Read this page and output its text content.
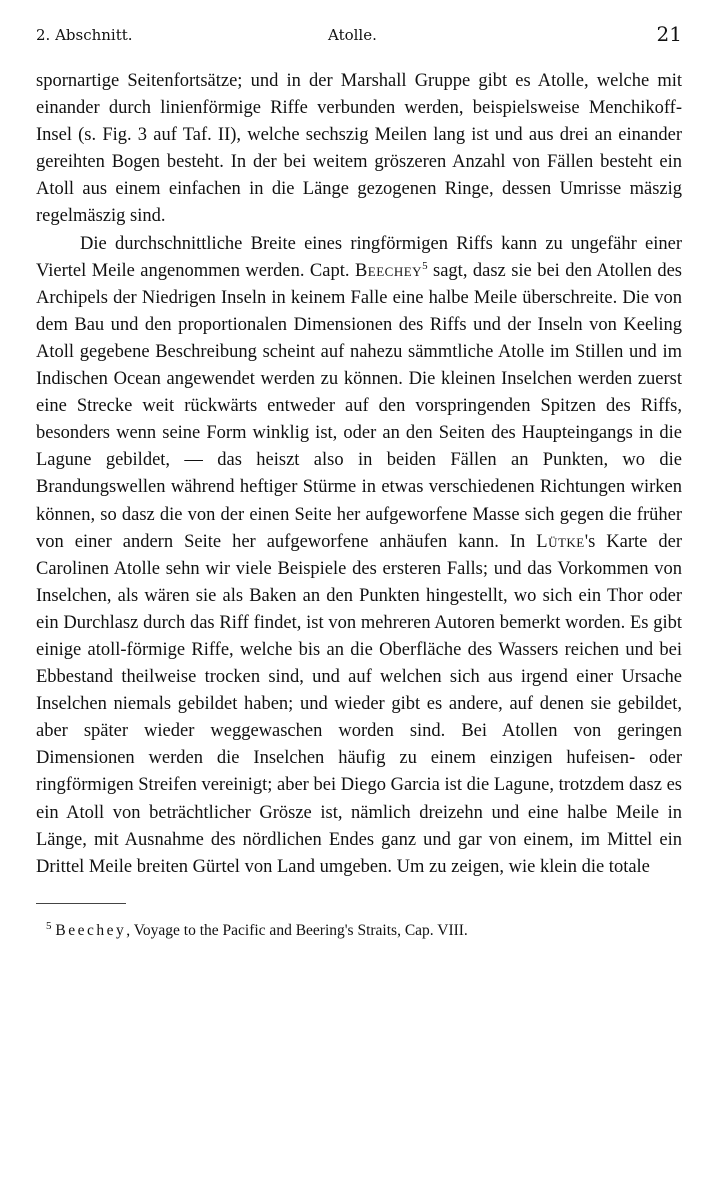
2. Abschnitt.	Atolle.	21

spornartige Seitenfortsätze; und in der Marshall Gruppe gibt es Atolle, welche mit einander durch linienförmige Riffe verbunden werden, beispielsweise Menchikoff-Insel (s. Fig. 3 auf Taf. II), welche sechszig Meilen lang ist und aus drei an einander gereihten Bogen besteht. In der bei weitem gröszeren Anzahl von Fällen besteht ein Atoll aus einem einfachen in die Länge gezogenen Ringe, dessen Umrisse mäszig regelmäszig sind.

Die durchschnittliche Breite eines ringförmigen Riffs kann zu ungefähr einer Viertel Meile angenommen werden. Capt. Beechey$^5$ sagt, dasz sie bei den Atollen des Archipels der Niedrigen Inseln in keinem Falle eine halbe Meile überschreite. Die von dem Bau und den proportionalen Dimensionen des Riffs und der Inseln von Keeling Atoll gegebene Beschreibung scheint auf nahezu sämmtliche Atolle im Stillen und im Indischen Ocean angewendet werden zu können. Die kleinen Inselchen werden zuerst eine Strecke weit rückwärts entweder auf den vorspringenden Spitzen des Riffs, besonders wenn seine Form winklig ist, oder an den Seiten des Haupteingangs in die Lagune gebildet, — das heiszt also in beiden Fällen an Punkten, wo die Brandungswellen während heftiger Stürme in etwas verschiedenen Richtungen wirken können, so dasz die von der einen Seite her aufgeworfene Masse sich gegen die früher von einer andern Seite her aufgeworfene anhäufen kann. In Lütke's Karte der Carolinen Atolle sehn wir viele Beispiele des ersteren Falls; und das Vorkommen von Inselchen, als wären sie als Baken an den Punkten hingestellt, wo sich ein Thor oder ein Durchlasz durch das Riff findet, ist von mehreren Autoren bemerkt worden. Es gibt einige atoll-förmige Riffe, welche bis an die Oberfläche des Wassers reichen und bei Ebbestand theilweise trocken sind, und auf welchen sich aus irgend einer Ursache Inselchen niemals gebildet haben; und wieder gibt es andere, auf denen sie gebildet, aber später wieder weggewaschen worden sind. Bei Atollen von geringen Dimensionen werden die Inselchen häufig zu einem einzigen hufeisen- oder ringförmigen Streifen vereinigt; aber bei Diego Garcia ist die Lagune, trotzdem dasz es ein Atoll von beträchtlicher Grösze ist, nämlich dreizehn und eine halbe Meile in Länge, mit Ausnahme des nördlichen Endes ganz und gar von einem, im Mittel ein Drittel Meile breiten Gürtel von Land umgeben. Um zu zeigen, wie klein die totale

$^5$ Beechey, Voyage to the Pacific and Beering's Straits, Cap. VIII.
